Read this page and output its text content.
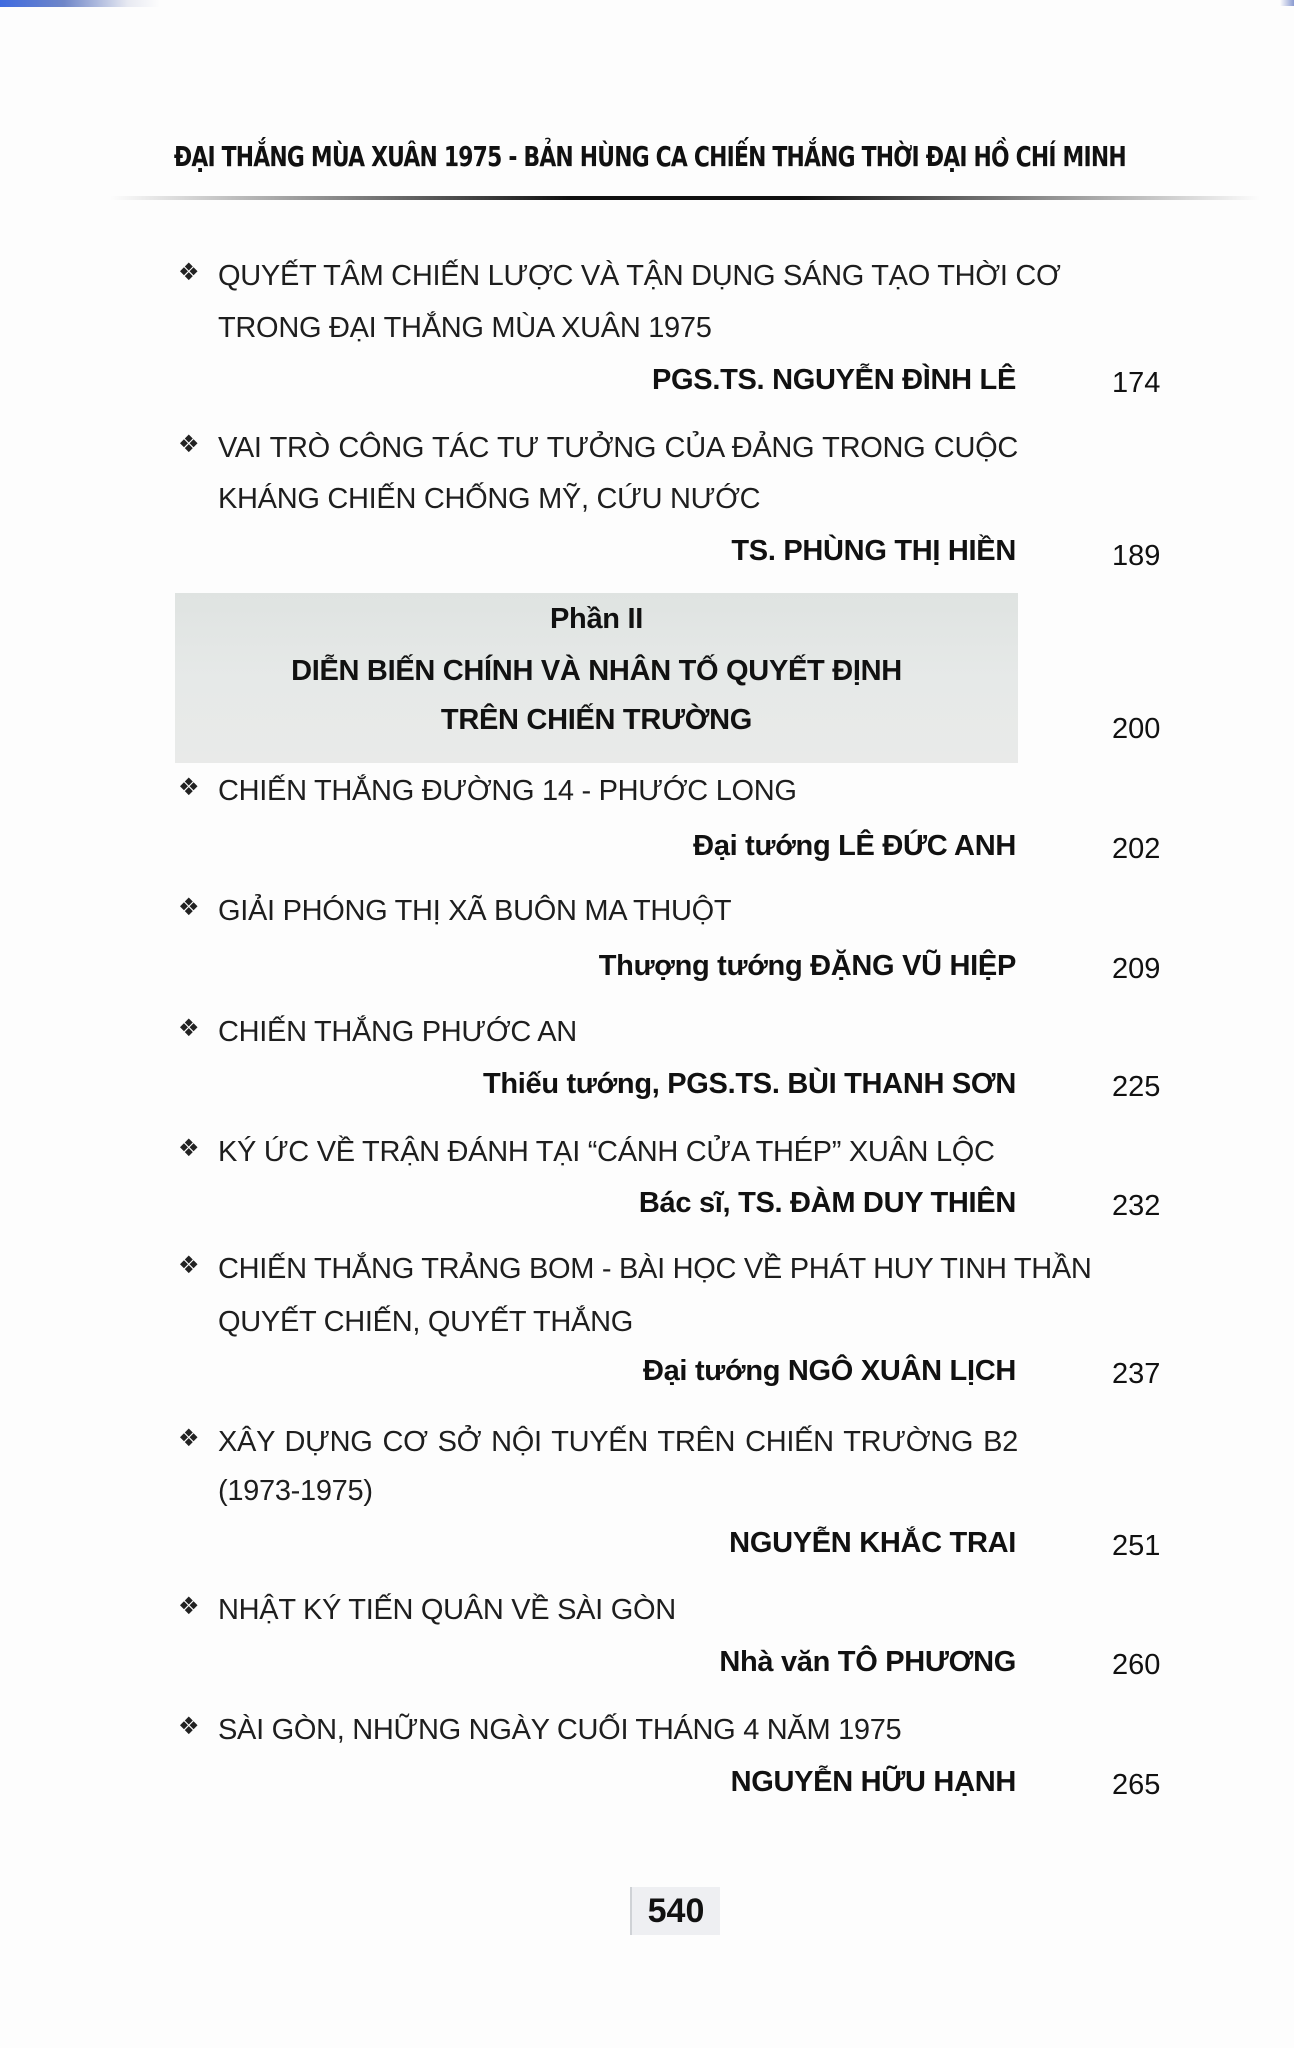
ĐẠI THẮNG MÙA XUÂN 1975 - BẢN HÙNG CA CHIẾN THẮNG THỜI ĐẠI HỒ CHÍ MINH
❖ QUYẾT TÂM CHIẾN LƯỢC VÀ TẬN DỤNG SÁNG TẠO THỜI CƠ
TRONG ĐẠI THẮNG MÙA XUÂN 1975
PGS.TS. NGUYỄN ĐÌNH LÊ	174
❖ VAI TRÒ CÔNG TÁC TƯ TƯỞNG CỦA ĐẢNG TRONG CUỘC
KHÁNG CHIẾN CHỐNG MỸ, CỨU NƯỚC
TS. PHÙNG THỊ HIỀN	189
Phần II
DIỄN BIẾN CHÍNH VÀ NHÂN TỐ QUYẾT ĐỊNH
TRÊN CHIẾN TRƯỜNG	200
❖ CHIẾN THẮNG ĐƯỜNG 14 - PHƯỚC LONG
Đại tướng LÊ ĐỨC ANH	202
❖ GIẢI PHÓNG THỊ XÃ BUÔN MA THUỘT
Thượng tướng ĐẶNG VŨ HIỆP	209
❖ CHIẾN THẮNG PHƯỚC AN
Thiếu tướng, PGS.TS. BÙI THANH SƠN	225
❖ KÝ ỨC VỀ TRẬN ĐÁNH TẠI “CÁNH CỬA THÉP” XUÂN LỘC
Bác sĩ, TS. ĐÀM DUY THIÊN	232
❖ CHIẾN THẮNG TRẢNG BOM - BÀI HỌC VỀ PHÁT HUY TINH THẦN
QUYẾT CHIẾN, QUYẾT THẮNG
Đại tướng NGÔ XUÂN LỊCH	237
❖ XÂY DỰNG CƠ SỞ NỘI TUYẾN TRÊN CHIẾN TRƯỜNG B2
(1973-1975)
NGUYỄN KHẮC TRAI	251
❖ NHẬT KÝ TIẾN QUÂN VỀ SÀI GÒN
Nhà văn TÔ PHƯƠNG	260
❖ SÀI GÒN, NHỮNG NGÀY CUỐI THÁNG 4 NĂM 1975
NGUYỄN HỮU HẠNH	265
540
